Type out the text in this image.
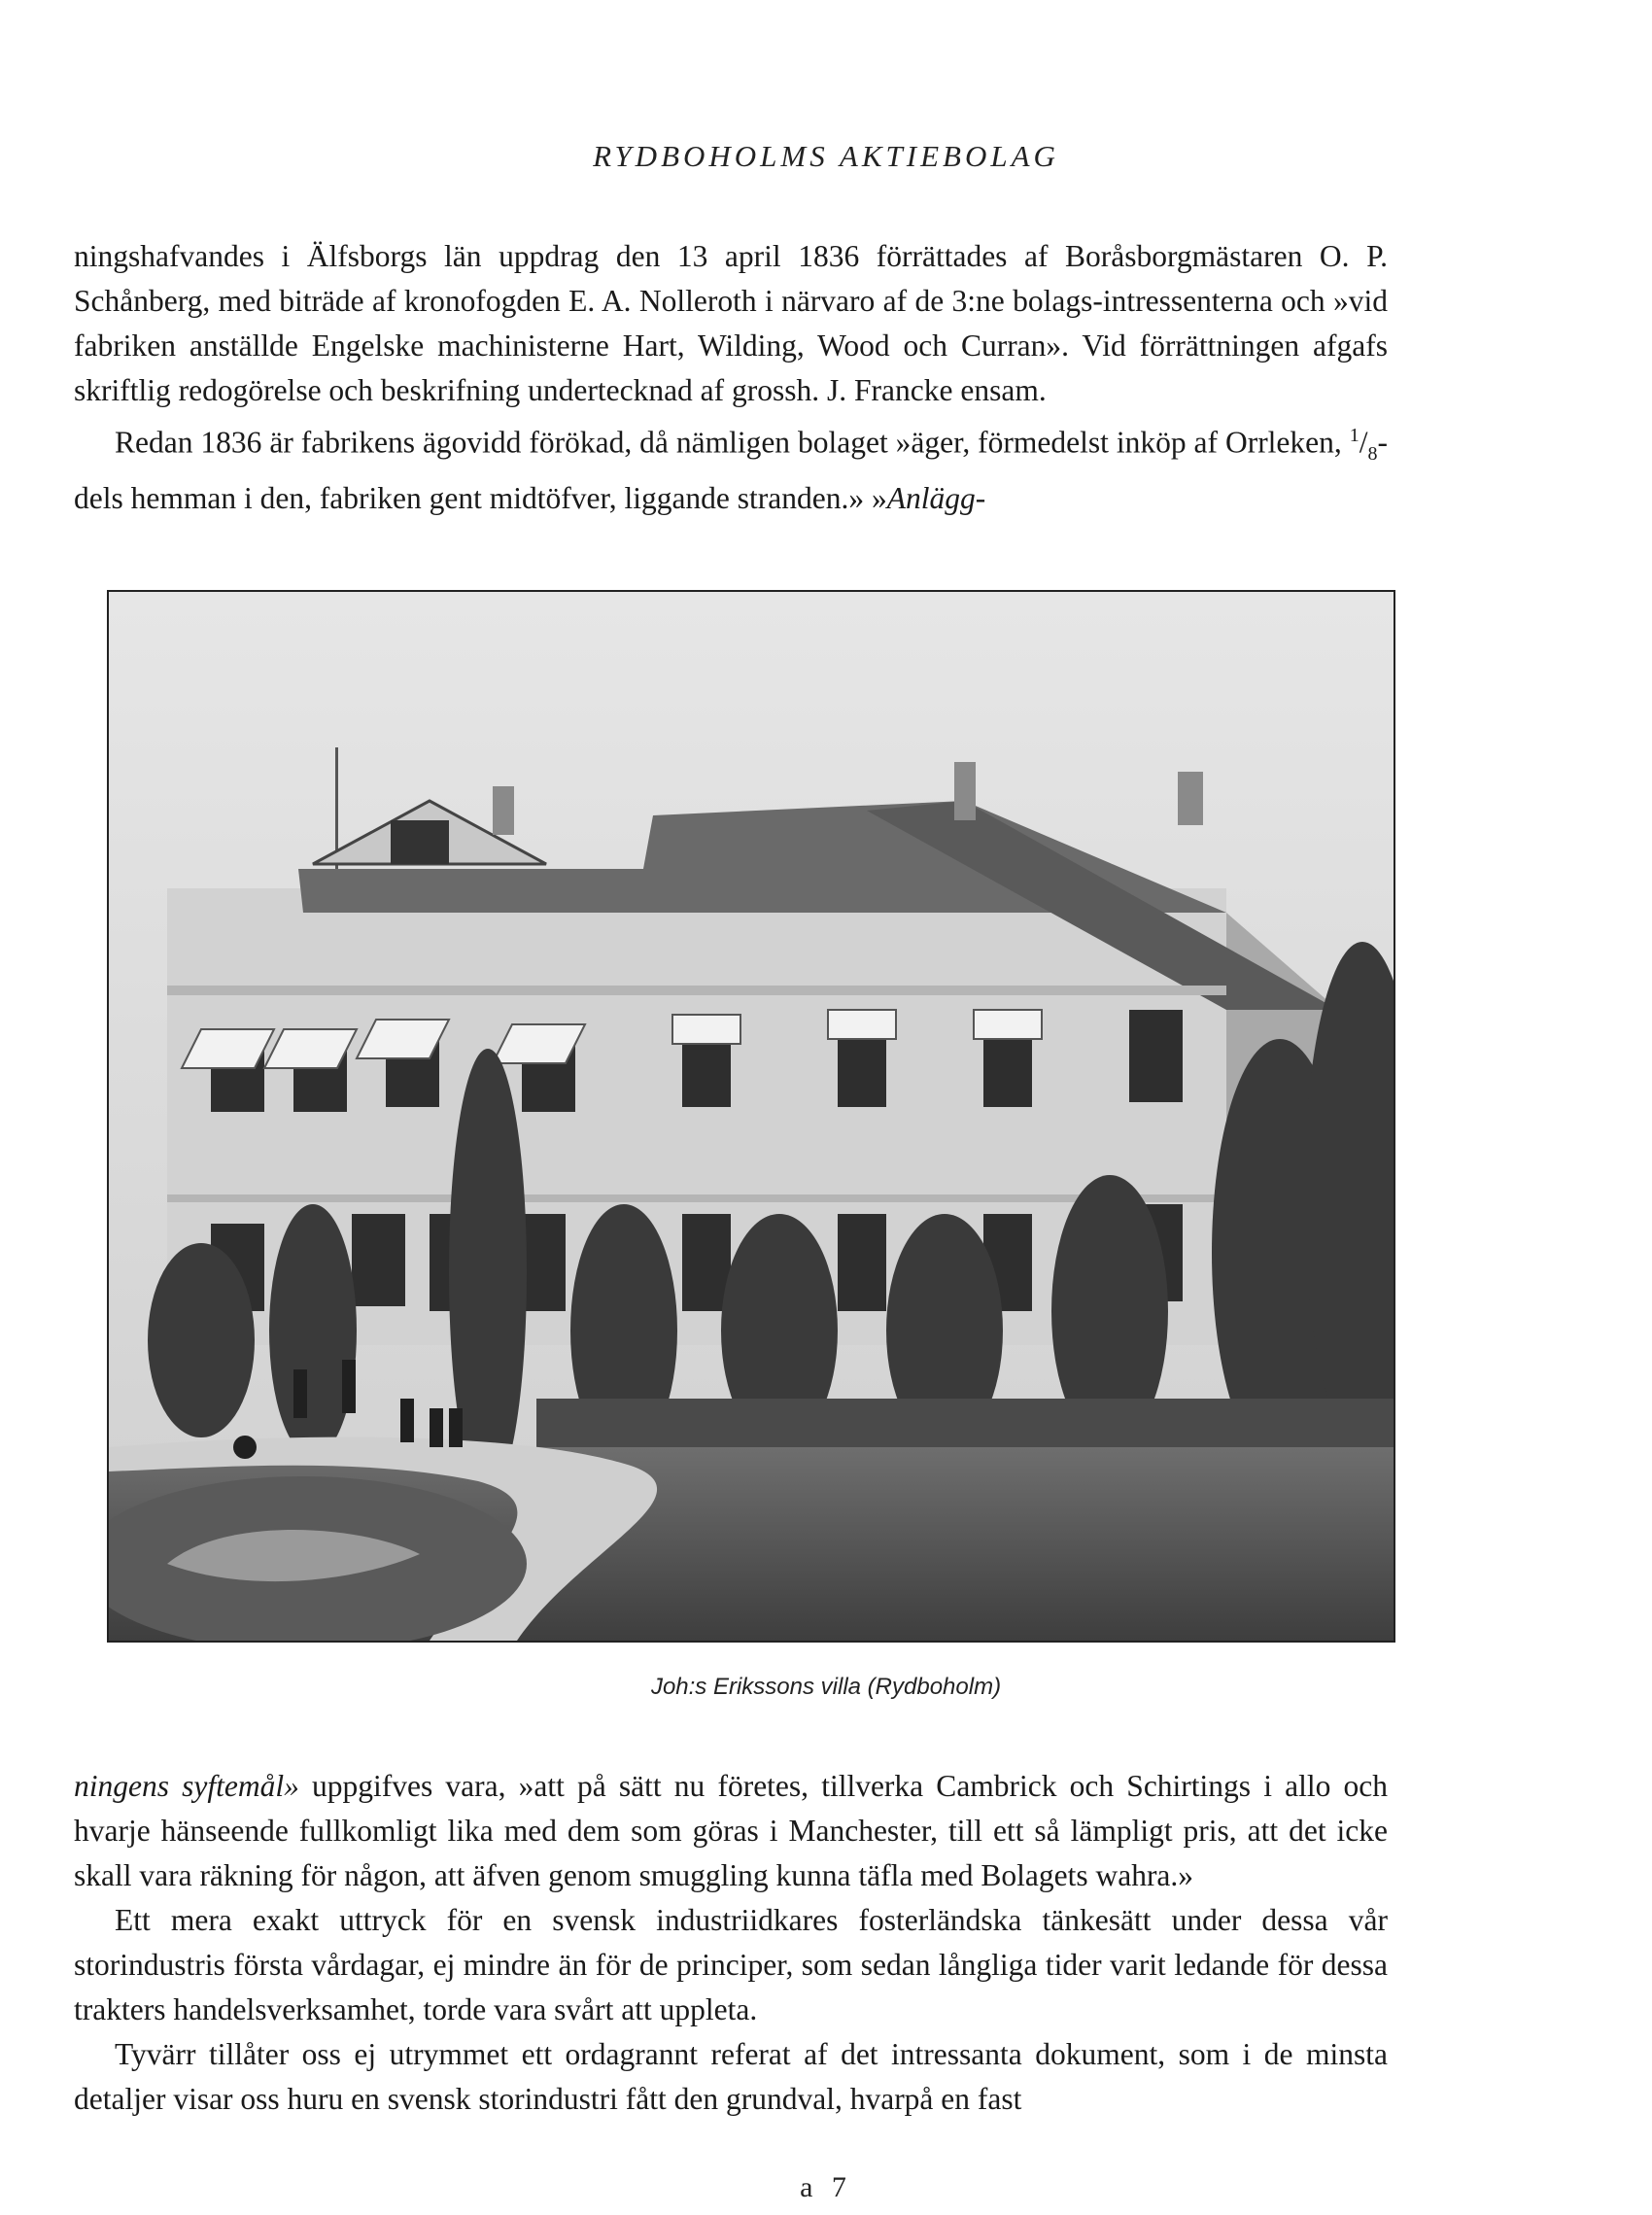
RYDBOHOLMS AKTIEBOLAG

ningshafvandes i Älfsborgs län uppdrag den 13 april 1836 förrättades af Boråsborgmästaren O. P. Schånberg, med biträde af kronofogden E. A. Nolleroth i närvaro af de 3:ne bolags-intressenterna och »vid fabriken anställde Engelske machinisterne Hart, Wilding, Wood och Curran». Vid förrättningen afgafs skriftlig redogörelse och beskrifning undertecknad af grossh. J. Francke ensam.

Redan 1836 är fabrikens ägovidd förökad, då nämligen bolaget »äger, förmedelst inköp af Orrleken, $^1/_8$-dels hemman i den, fabriken gent midtöfver, liggande stranden.» »Anlägg-

Joh:s Erikssons villa (Rydboholm)

ningens syftemål» uppgifves vara, »att på sätt nu företes, tillverka Cambrick och Schirtings i allo och hvarje hänseende fullkomligt lika med dem som göras i Manchester, till ett så lämpligt pris, att det icke skall vara räkning för någon, att äfven genom smuggling kunna täfla med Bolagets wahra.»

Ett mera exakt uttryck för en svensk industriidkares fosterländska tänkesätt under dessa vår storindustris första vårdagar, ej mindre än för de principer, som sedan långliga tider varit ledande för dessa trakters handelsverksamhet, torde vara svårt att uppleta.

Tyvärr tillåter oss ej utrymmet ett ordagrannt referat af det intressanta dokument, som i de minsta detaljer visar oss huru en svensk storindustri fått den grundval, hvarpå en fast

a 7
